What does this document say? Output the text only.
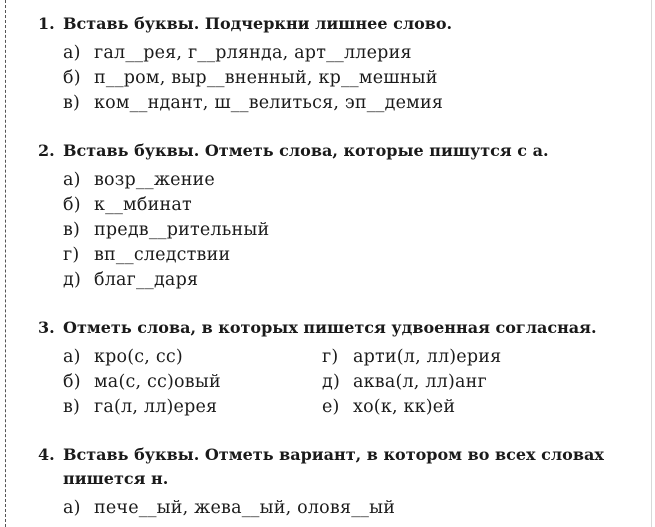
1. Вставь буквы. Подчеркни лишнее слово.
а) гал__рея, г__рлянда, арт__ллерия
б) п__ром, выр__вненный, кр__мешный
в) ком__ндант, ш__велиться, эп__демия
2. Вставь буквы. Отметь слова, которые пишутся с а.
а) возр__жение
б) к__мбинат
в) предв__рительный
г) вп__следствии
д) благ__даря
3. Отметь слова, в которых пишется удвоенная согласная.
а) кро(с, сс)	г) арти(л, лл)ерия
б) ма(с, сс)овый	д) аква(л, лл)анг
в) га(л, лл)ерея	е) хо(к, кк)ей
4. Вставь буквы. Отметь вариант, в котором во всех словах пишется н.
а) пече__ый, жева__ый, оловя__ый
